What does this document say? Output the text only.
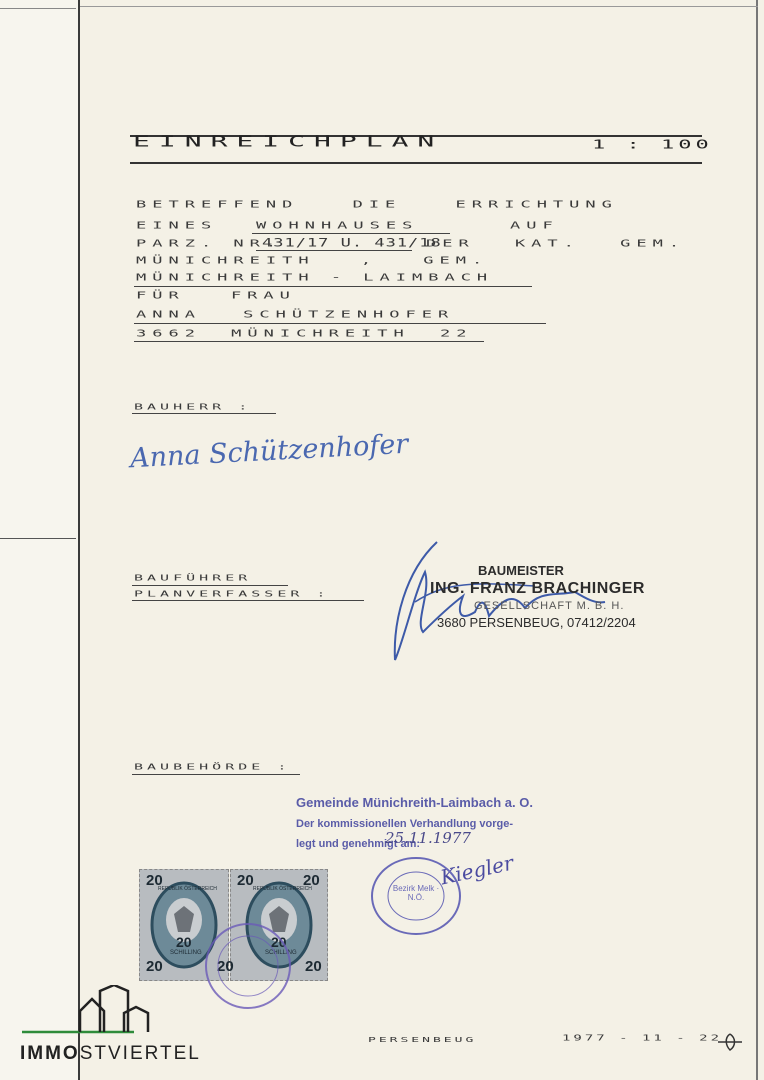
EINREICHPLAN	1 : 100
BETREFFEND DIE ERRICHTUNG
EINES WOHNHAUSES	AUF
PARZ. NR.
431/17 U. 431/18
DER KAT. GEM.
MÜNICHREITH , GEM.
MÜNICHREITH - LAIMBACH
FÜR FRAU
ANNA SCHÜTZENHOFER
3662 MÜNICHREITH 22
BAUHERR :
Anna Schützenhofer
BAUFÜHRER
PLANVERFASSER :
BAUMEISTER
ING. FRANZ BRACHINGER
GESELLSCHAFT M. B. H.
3680 PERSENBEUG, 07412/2204
BAUBEHÖRDE :
Gemeinde Münichreith-Laimbach a. O.
Der kommissionellen Verhandlung vorge-
legt und genehmigt am:
25.11.1977
Kiegler
Bezirk Melk · N.Ö.
20
20
SCHILLING
20
REPUBLIK ÖSTERREICH 20	20
20
SCHILLING
20	20
REPUBLIK ÖSTERREICH
PERSENBEUG	1977 - 11 - 22
IMMOSTVIERTEL
